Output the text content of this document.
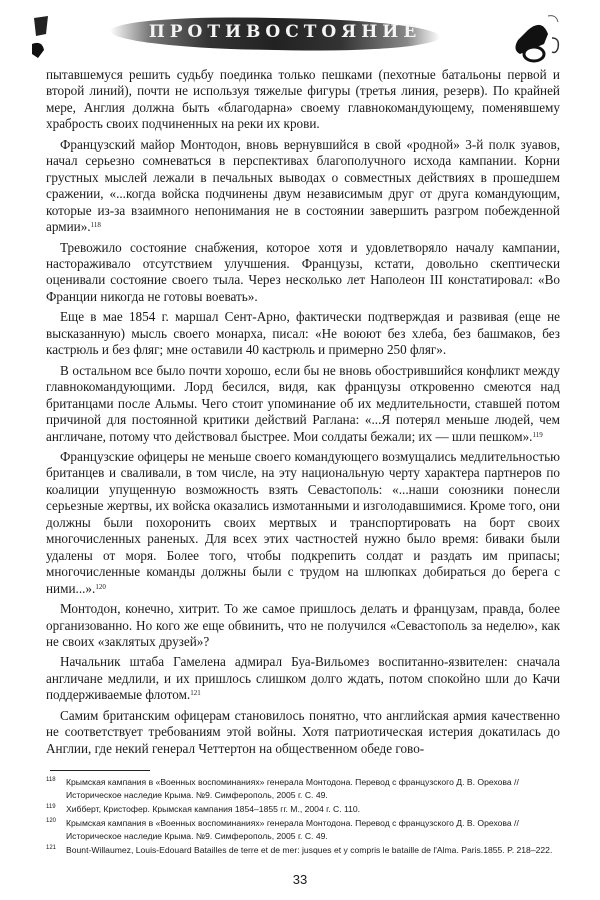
ПРОТИВОСТОЯНИЕ

пытавшемуся решить судьбу поединка только пешками (пехотные батальоны первой и второй линий), почти не используя тяжелые фигуры (третья линия, резерв). По крайней мере, Англия должна быть «благодарна» своему главнокомандующему, поменявшему храбрость своих подчиненных на реки их крови.

Французский майор Монтодон, вновь вернувшийся в свой «родной» 3-й полк зуавов, начал серьезно сомневаться в перспективах благополучного исхода кампании. Корни грустных мыслей лежали в печальных выводах о совместных действиях в прошедшем сражении, «...когда войска подчинены двум независимым друг от друга командующим, которые из-за взаимного непонимания не в состоянии завершить разгром побежденной армии».$^{118}$

Тревожило состояние снабжения, которое хотя и удовлетворяло началу кампании, настораживало отсутствием улучшения. Французы, кстати, довольно скептически оценивали состояние своего тыла. Через несколько лет Наполеон III констатировал: «Во Франции никогда не готовы воевать».

Еще в мае 1854 г. маршал Сент-Арно, фактически подтверждая и развивая (еще не высказанную) мысль своего монарха, писал: «Не воюют без хлеба, без башмаков, без кастрюль и без фляг; мне оставили 40 кастрюль и примерно 250 фляг».

В остальном все было почти хорошо, если бы не вновь обострившийся конфликт между главнокомандующими. Лорд бесился, видя, как французы откровенно смеются над британцами после Альмы. Чего стоит упоминание об их медлительности, ставшей потом причиной для постоянной критики действий Раглана: «...Я потерял меньше людей, чем англичане, потому что действовал быстрее. Мои солдаты бежали; их — шли пешком».$^{119}$

Французские офицеры не меньше своего командующего возмущались медлительностью британцев и сваливали, в том числе, на эту национальную черту характера партнеров по коалиции упущенную возможность взять Севастополь: «...наши союзники понесли серьезные жертвы, их войска оказались измотанными и изголодавшимися. Кроме того, они должны были похоронить своих мертвых и транспортировать на борт своих многочисленных раненых. Для всех этих частностей нужно было время: биваки были удалены от моря. Более того, чтобы подкрепить солдат и раздать им припасы; многочисленные команды должны были с трудом на шлюпках добираться до берега с ними...».$^{120}$

Монтодон, конечно, хитрит. То же самое пришлось делать и французам, правда, более организованно. Но кого же еще обвинить, что не получился «Севастополь за неделю», как не своих «заклятых друзей»?

Начальник штаба Гамелена адмирал Буа-Вильомез воспитанно-язвителен: сначала англичане медлили, и их пришлось слишком долго ждать, потом спокойно шли до Качи поддерживаемые флотом.$^{121}$

Самим британским офицерам становилось понятно, что английская армия качественно не соответствует требованиям этой войны. Хотя патриотическая истерия докатилась до Англии, где некий генерал Четтертон на общественном обеде гово-

118 Крымская кампания в «Военных воспоминаниях» генерала Монтодона. Перевод с французского Д. В. Орехова // Историческое наследие Крыма. №9. Симферополь, 2005 г. С. 49.
119 Хибберт, Кристофер. Крымская кампания 1854–1855 гг. М., 2004 г. С. 110.
120 Крымская кампания в «Военных воспоминаниях» генерала Монтодона. Перевод с французского Д. В. Орехова // Историческое наследие Крыма. №9. Симферополь, 2005 г. С. 49.
121 Bount-Willaumez, Louis-Edouard Batailles de terre et de mer: jusques et y compris le bataille de l'Alma. Paris.1855. P. 218–222.
33
